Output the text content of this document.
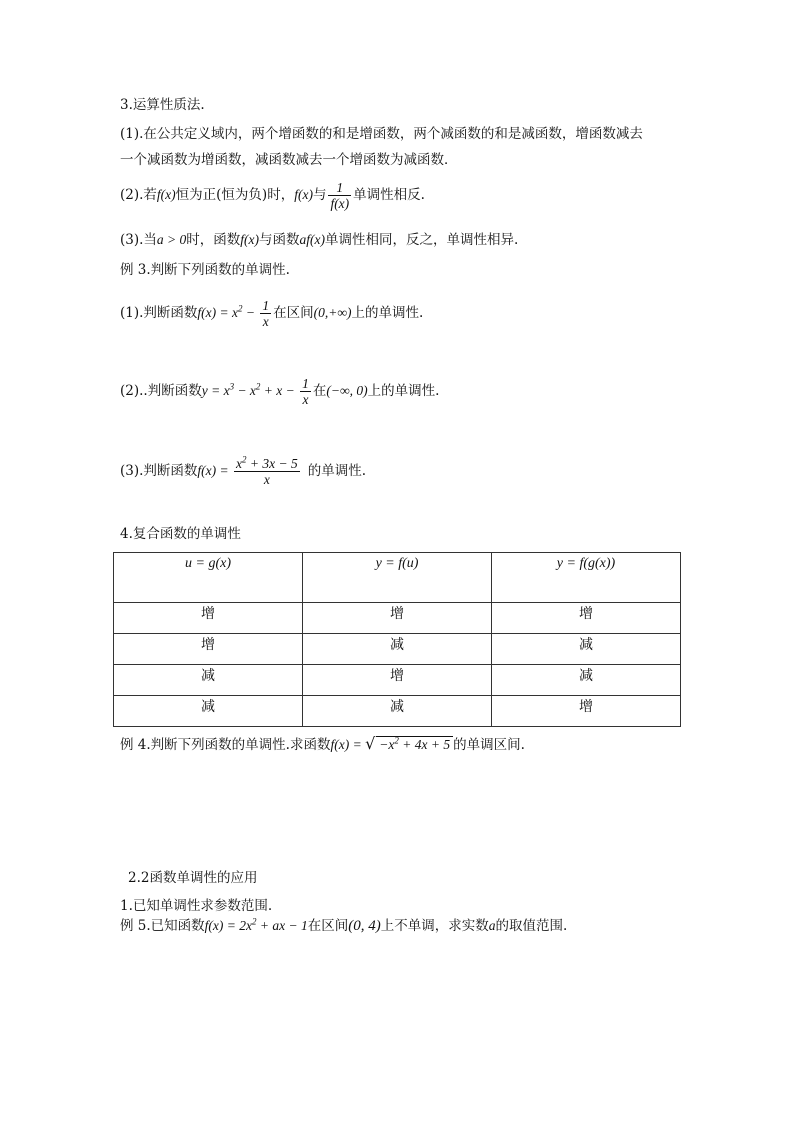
3.运算性质法.
(1).在公共定义域内，两个增函数的和是增函数，两个减函数的和是减函数，增函数减去
一个减函数为增函数，减函数减去一个增函数为减函数．
(2).若f(x)恒为正(恒为负)时，f(x)与 $\frac{1}{f(x)}$ 单调性相反.
(3).当a > 0时，函数f(x)与函数af(x)单调性相同，反之，单调性相异.
例 3.判断下列函数的单调性.
(1).判断函数$f(x) = x^2 - \frac{1}{x}$ 在区间(0,+∞)上的单调性.
(2)..判断函数$y = x^3 - x^2 + x - \frac{1}{x}$ 在(−∞, 0)上的单调性.
(3).判断函数$f(x) = \frac{x^2 + 3x - 5}{x}$ 的单调性.
4.复合函数的单调性
u = g(x)	y = f(u)	y = f(g(x))
增	增	增
增	减	减
减	增	减
减	减	增
例 4.判断下列函数的单调性.求函数f(x) = √ $-x^2 + 4x + 5$ 的单调区间.
2.2函数单调性的应用
1.已知单调性求参数范围.
例 5.已知函数$f(x) = 2x^2$ + ax − 1在区间(0, 4)上不单调，求实数a的取值范围.
